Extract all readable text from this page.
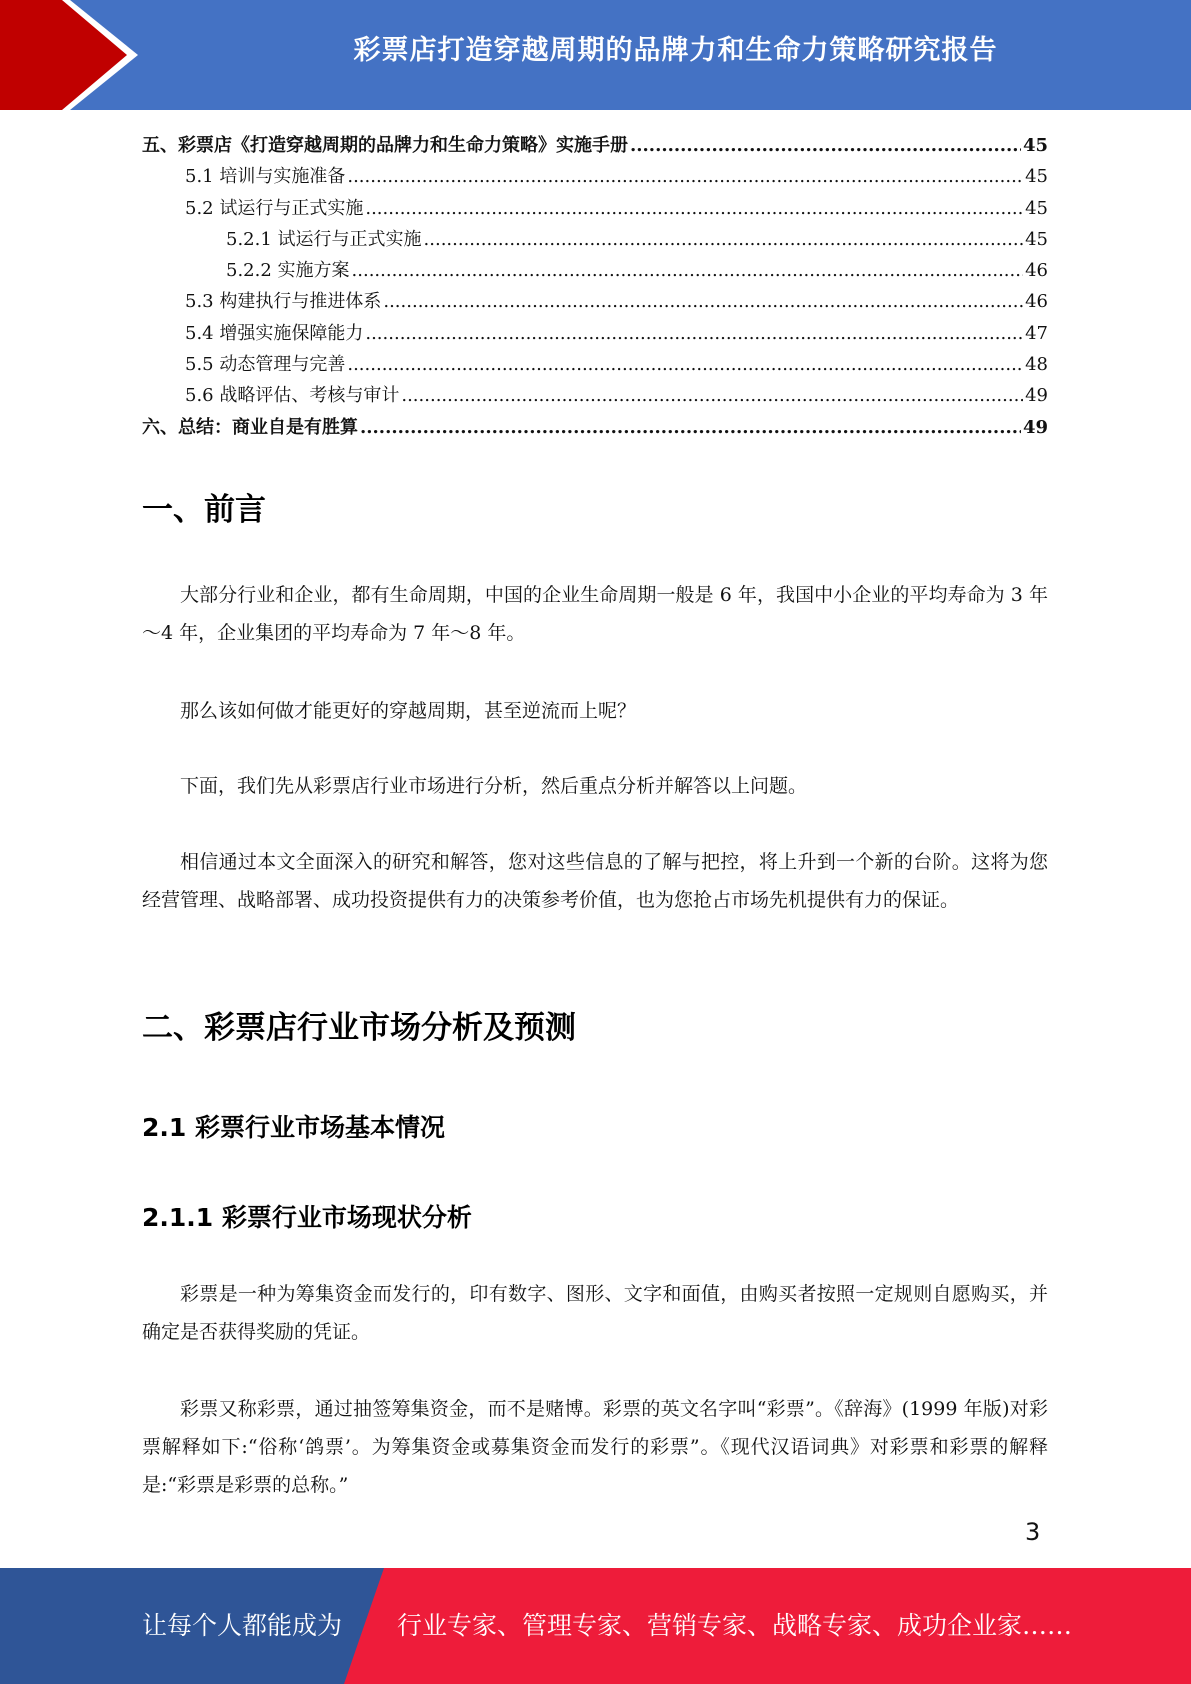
彩票店打造穿越周期的品牌力和生命力策略研究报告
五、彩票店《打造穿越周期的品牌力和生命力策略》实施手册 .....	45
5.1 培训与实施准备 .....	45
5.2 试运行与正式实施 .....	45
5.2.1 试运行与正式实施 .....	45
5.2.2 实施方案 .....	46
5.3 构建执行与推进体系 .....	46
5.4 增强实施保障能力 .....	47
5.5 动态管理与完善 .....	48
5.6 战略评估、考核与审计 .....	49
六、总结：商业自是有胜算 .....	49
一、前言

大部分行业和企业，都有生命周期，中国的企业生命周期一般是 6 年，我国中小企业的平均寿命为 3 年～4 年，企业集团的平均寿命为 7 年～8 年。

那么该如何做才能更好的穿越周期，甚至逆流而上呢？

下面，我们先从彩票店行业市场进行分析，然后重点分析并解答以上问题。

相信通过本文全面深入的研究和解答，您对这些信息的了解与把控，将上升到一个新的台阶。这将为您经营管理、战略部署、成功投资提供有力的决策参考价值，也为您抢占市场先机提供有力的保证。

二、彩票店行业市场分析及预测
2.1 彩票行业市场基本情况
2.1.1 彩票行业市场现状分析

彩票是一种为筹集资金而发行的，印有数字、图形、文字和面值，由购买者按照一定规则自愿购买，并确定是否获得奖励的凭证。

彩票又称彩票，通过抽签筹集资金，而不是赌博。彩票的英文名字叫“彩票”。《辞海》(1999 年版)对彩票解释如下:“俗称‘鸽票’。为筹集资金或募集资金而发行的彩票”。《现代汉语词典》对彩票和彩票的解释是:“彩票是彩票的总称。”

3
让每个人都能成为 行业专家、管理专家、营销专家、战略专家、成功企业家……
